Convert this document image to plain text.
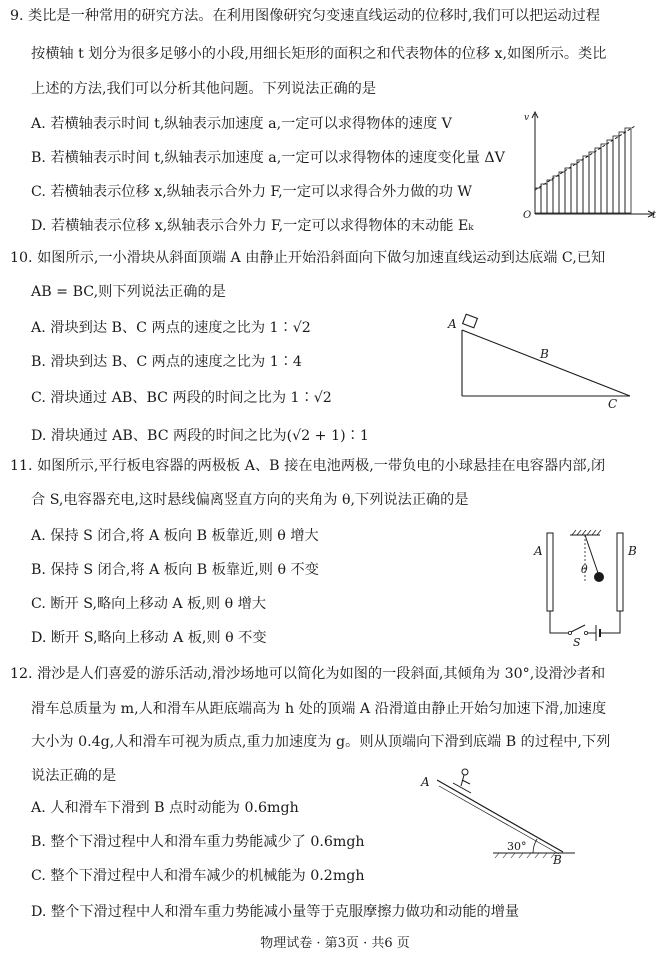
9. 类比是一种常用的研究方法。在利用图像研究匀变速直线运动的位移时,我们可以把运动过程
按横轴 t 划分为很多足够小的小段,用细长矩形的面积之和代表物体的位移 x,如图所示。类比
上述的方法,我们可以分析其他问题。下列说法正确的是
A. 若横轴表示时间 t,纵轴表示加速度 a,一定可以求得物体的速度 V
B. 若横轴表示时间 t,纵轴表示加速度 a,一定可以求得物体的速度变化量 ΔV
C. 若横轴表示位移 x,纵轴表示合外力 F,一定可以求得合外力做的功 W
D. 若横轴表示位移 x,纵轴表示合外力 F,一定可以求得物体的末动能 Eₖ
v
O	t
10. 如图所示,一小滑块从斜面顶端 A 由静止开始沿斜面向下做匀加速直线运动到达底端 C,已知
AB = BC,则下列说法正确的是
A. 滑块到达 B、C 两点的速度之比为 1∶√2
B. 滑块到达 B、C 两点的速度之比为 1∶4
C. 滑块通过 AB、BC 两段的时间之比为 1∶√2
D. 滑块通过 AB、BC 两段的时间之比为(√2 + 1)∶1
A
B
C
11. 如图所示,平行板电容器的两极板 A、B 接在电池两极,一带负电的小球悬挂在电容器内部,闭
合 S,电容器充电,这时悬线偏离竖直方向的夹角为 θ,下列说法正确的是
A. 保持 S 闭合,将 A 板向 B 板靠近,则 θ 增大
B. 保持 S 闭合,将 A 板向 B 板靠近,则 θ 不变
C. 断开 S,略向上移动 A 板,则 θ 增大
D. 断开 S,略向上移动 A 板,则 θ 不变
θ
A	B
S
12. 滑沙是人们喜爱的游乐活动,滑沙场地可以简化为如图的一段斜面,其倾角为 30°,设滑沙者和
滑车总质量为 m,人和滑车从距底端高为 h 处的顶端 A 沿滑道由静止开始匀加速下滑,加速度
大小为 0.4g,人和滑车可视为质点,重力加速度为 g。则从顶端向下滑到底端 B 的过程中,下列
说法正确的是
A. 人和滑车下滑到 B 点时动能为 0.6mgh
B. 整个下滑过程中人和滑车重力势能减少了 0.6mgh
C. 整个下滑过程中人和滑车减少的机械能为 0.2mgh
D. 整个下滑过程中人和滑车重力势能减小量等于克服摩擦力做功和动能的增量
30°
A
B
物理试卷 · 第3页 · 共6 页
